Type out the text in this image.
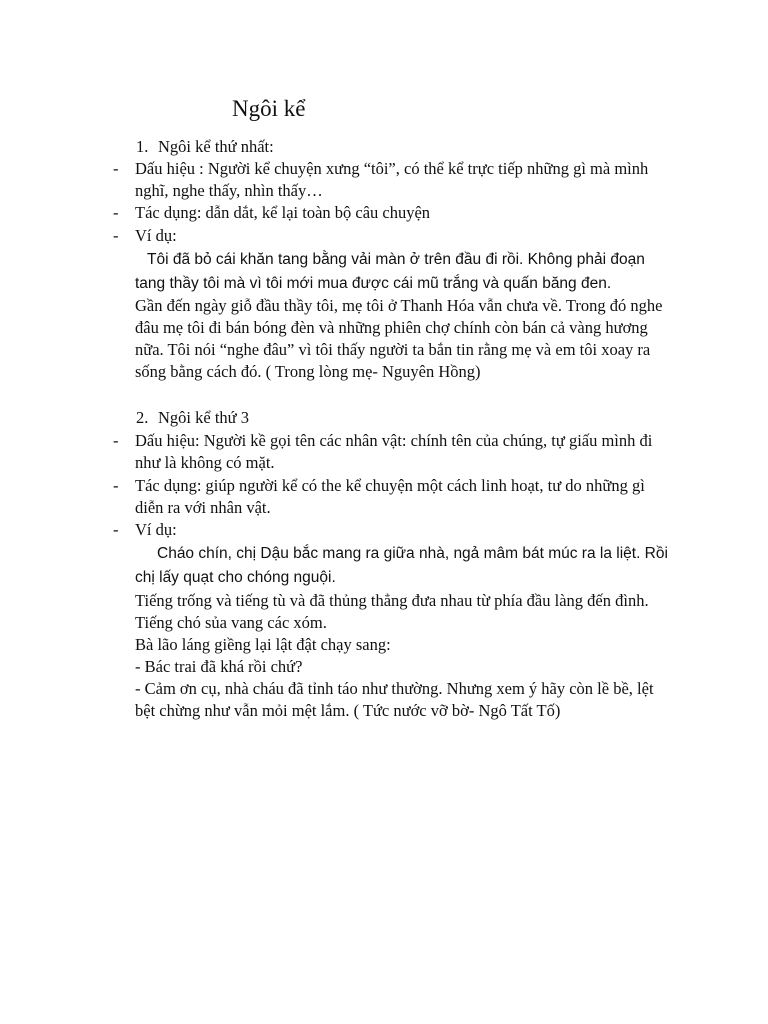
Ngôi kể
1. Ngôi kể thứ nhất:
- Dấu hiệu : Người kể chuyện xưng “tôi”, có thể kể trực tiếp những gì mà mình nghĩ, nghe thấy, nhìn thấy…
- Tác dụng: dẫn dắt, kể lại toàn bộ câu chuyện
- Ví dụ:
Tôi đã bỏ cái khăn tang bằng vải màn ở trên đầu đi rồi. Không phải đoạn tang thầy tôi mà vì tôi mới mua được cái mũ trắng và quấn băng đen.
Gần đến ngày giỗ đầu thầy tôi, mẹ tôi ở Thanh Hóa vẫn chưa về. Trong đó nghe đâu mẹ tôi đi bán bóng đèn và những phiên chợ chính còn bán cả vàng hương nữa. Tôi nói “nghe đâu” vì tôi thấy người ta bắn tin rằng mẹ và em tôi xoay ra sống bằng cách đó. ( Trong lòng mẹ- Nguyên Hồng)
2. Ngôi kể thứ 3
- Dấu hiệu: Người kề gọi tên các nhân vật: chính tên của chúng, tự giấu mình đi như là không có mặt.
- Tác dụng: giúp người kể có the kể chuyện một cách linh hoạt, tư do những gì diễn ra với nhân vật.
- Ví dụ:
Cháo chín, chị Dậu bắc mang ra giữa nhà, ngả mâm bát múc ra la liệt. Rồi chị lấy quạt cho chóng nguội.
Tiếng trống và tiếng tù và đã thủng thẳng đưa nhau từ phía đầu làng đến đình.
Tiếng chó sủa vang các xóm.
Bà lão láng giềng lại lật đật chạy sang:
- Bác trai đã khá rồi chứ?
- Cảm ơn cụ, nhà cháu đã tỉnh táo như thường. Nhưng xem ý hãy còn lề bề, lệt bệt chừng như vẫn mỏi mệt lắm. ( Tức nước vỡ bờ- Ngô Tất Tố)
